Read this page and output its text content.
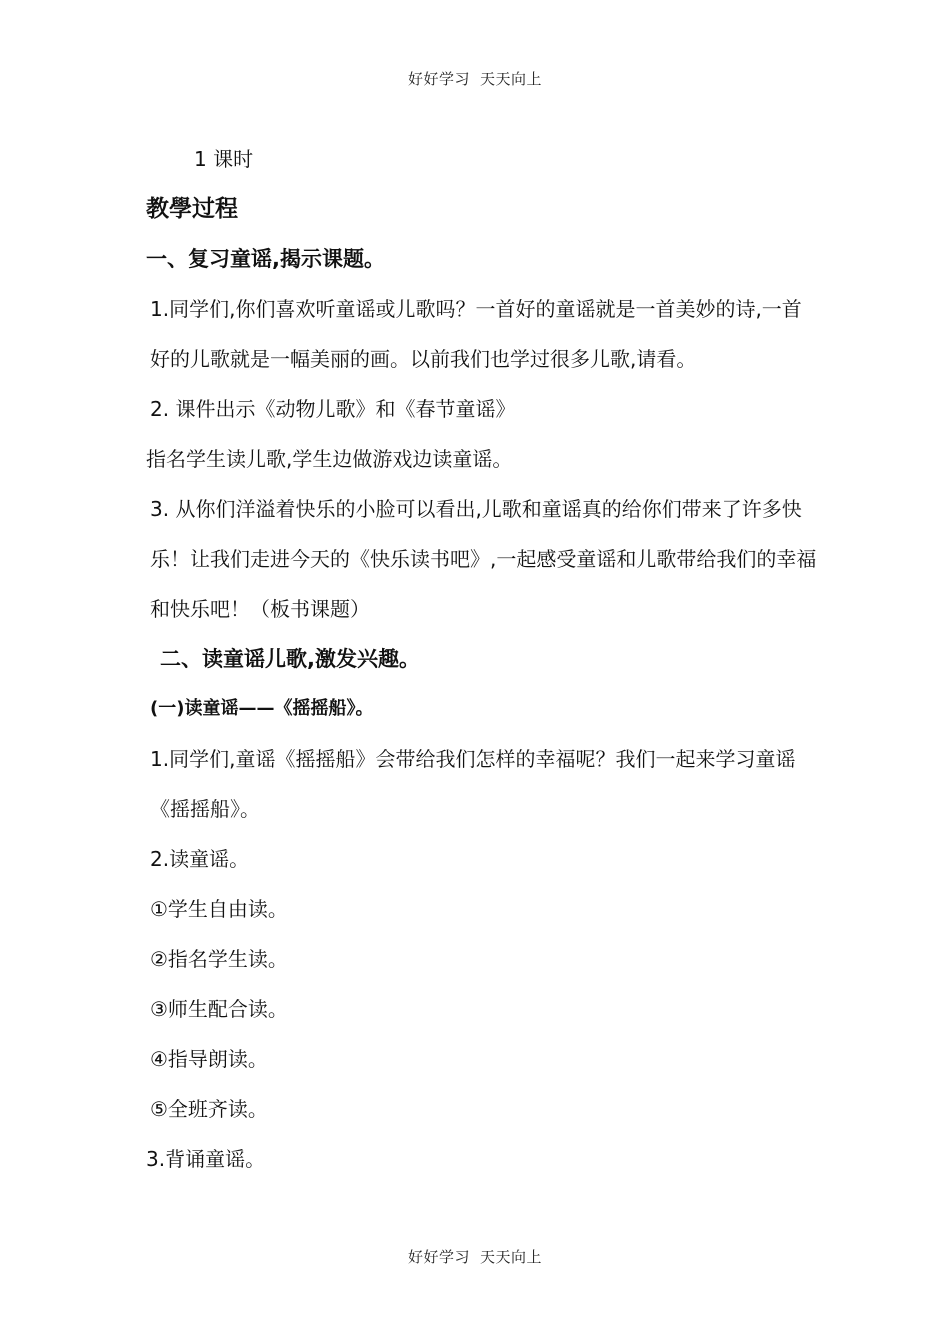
好好学习 天天向上

1 课时

教學过程

一、复习童谣,揭示课题。

1.同学们,你们喜欢听童谣或儿歌吗？一首好的童谣就是一首美妙的诗,一首好的儿歌就是一幅美丽的画。以前我们也学过很多儿歌,请看。

2. 课件出示《动物儿歌》和《春节童谣》

指名学生读儿歌,学生边做游戏边读童谣。

3. 从你们洋溢着快乐的小脸可以看出,儿歌和童谣真的给你们带来了许多快乐！让我们走进今天的《快乐读书吧》,一起感受童谣和儿歌带给我们的幸福和快乐吧！（板书课题）

二、读童谣儿歌,激发兴趣。

(一)读童谣——《摇摇船》。

1.同学们,童谣《摇摇船》会带给我们怎样的幸福呢？我们一起来学习童谣《摇摇船》。

2.读童谣。

①学生自由读。

②指名学生读。

③师生配合读。

④指导朗读。

⑤全班齐读。

3.背诵童谣。

好好学习 天天向上
